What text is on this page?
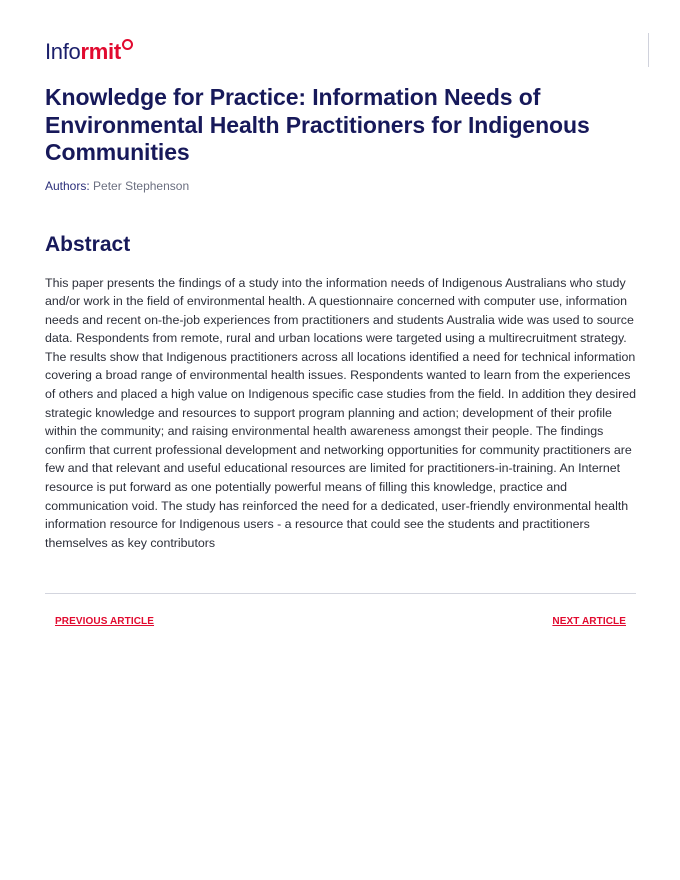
Info rmit
Knowledge for Practice: Information Needs of Environmental Health Practitioners for Indigenous Communities
Authors: Peter Stephenson
Abstract

This paper presents the findings of a study into the information needs of Indigenous Australians who study and/or work in the field of environmental health. A questionnaire concerned with computer use, information needs and recent on-the-job experiences from practitioners and students Australia wide was used to source data. Respondents from remote, rural and urban locations were targeted using a multirecruitment strategy. The results show that Indigenous practitioners across all locations identified a need for technical information covering a broad range of environmental health issues. Respondents wanted to learn from the experiences of others and placed a high value on Indigenous specific case studies from the field. In addition they desired strategic knowledge and resources to support program planning and action; development of their profile within the community; and raising environmental health awareness amongst their people. The findings confirm that current professional development and networking opportunities for community practitioners are few and that relevant and useful educational resources are limited for practitioners-in-training. An Internet resource is put forward as one potentially powerful means of filling this knowledge, practice and communication void. The study has reinforced the need for a dedicated, user-friendly environmental health information resource for Indigenous users - a resource that could see the students and practitioners themselves as key contributors

PREVIOUS ARTICLE	NEXT ARTICLE
